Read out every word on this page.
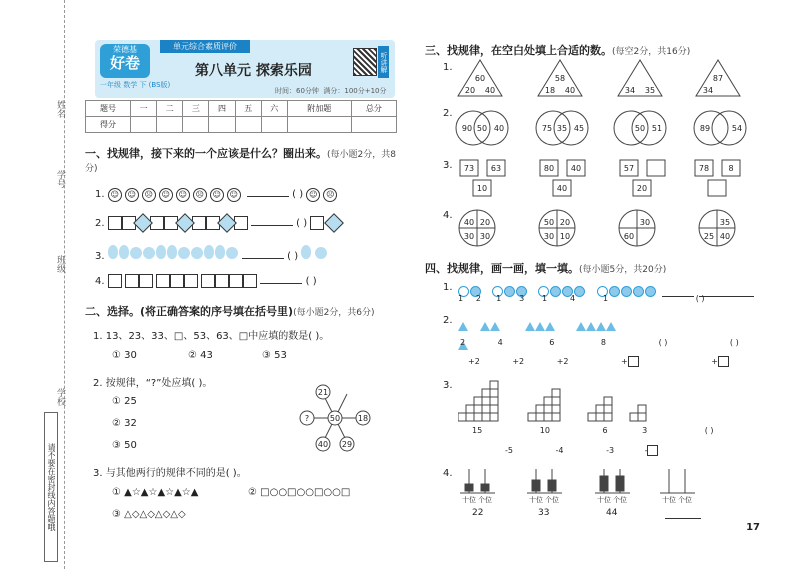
姓名
学号
班级
学校
请不要在密封线内答题哦
荣德基
好卷
一年级 数学 下 (BS版)
单元综合素质评价
第八单元 探索乐园
时间：60分钟 满分：100分+10分
听讲解
题号	一	二	三	四	五	六	附加题	总分
得分								
一、找规律，接下来的一个应该是什么？圈出来。(每小题2分，共8分)
1. ☺ ☺ ☹ ☺ ☺ ☹ ☺ ☺	( ) ☺ ☹
2.	( )
3.	( )
4.	( )
二、选择。(将正确答案的序号填在括号里)(每小题2分，共6分)
1. 13、23、33、□、53、63、□中应填的数是( )。
① 30	② 43	③ 53
2. 按规律，“?”处应填( )。
① 25
② 32
③ 50
50
21
18
29
40
?
3. 与其他两行的规律不同的是( )。
① ▲☆▲☆▲☆▲☆▲	② □○○□○○□○○□
③ △◇△◇△◇△◇
三、找规律，在空白处填上合适的数。(每空2分，共16分)
1.
2.
3.
4.
60
20 40
58
18 40	34 35
87
34
90 50 40	75 35 45	50 51	89	54
73 63
10
80 40
40
57
20
78 8
40 20
30 30
50 20
30 10
30
60
35
25 40
四、找规律，画一画，填一填。(每小题5分，共20分)
1.

1 2 1 3 1	4	1	( )
2.

2	4	6	8	( )	( )
+2	+2	+2	+	+
3.
15	10	6	3	( )
-5	-4	-3	-
4.
十位 个位	十位 个位	十位 个位	十位 个位
22	33	44
17
